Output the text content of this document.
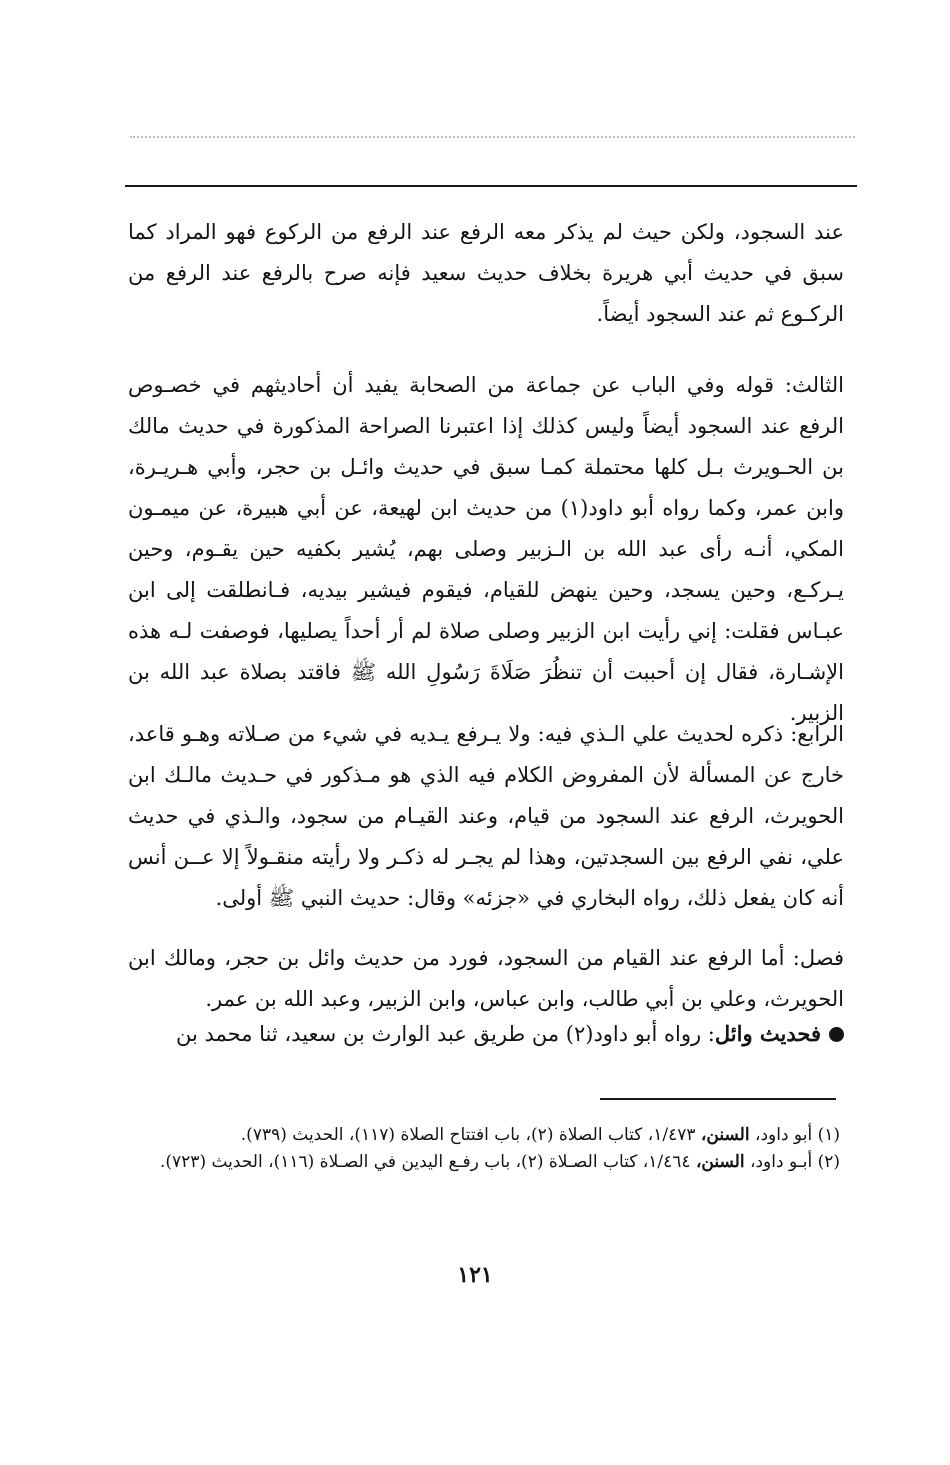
عند السجود، ولكن حيث لم يذكر معه الرفع عند الرفع من الركوع فهو المراد كما سبق في حديث أبي هريرة بخلاف حديث سعيد فإنه صرح بالرفع عند الرفع من الركـوع ثم عند السجود أيضاً.

الثالث: قوله وفي الباب عن جماعة من الصحابة يفيد أن أحاديثهم في خصـوص الرفع عند السجود أيضاً وليس كذلك إذا اعتبرنا الصراحة المذكورة في حديث مالك بن الحـويرث بـل كلها محتملة كمـا سبق في حديث وائـل بن حجر، وأبي هـريـرة، وابن عمر، وكما رواه أبو داود(١) من حديث ابن لهيعة، عن أبي هبيرة، عن ميمـون المكي، أنـه رأى عبد الله بن الـزبير وصلى بهم، يُشير بكفيه حين يقـوم، وحين يـركـع، وحين يسجد، وحين ينهض للقيام، فيقوم فيشير بيديه، فـانطلقت إلى ابن عبـاس فقلت: إني رأيت ابن الزبير وصلى صلاة لم أر أحداً يصليها، فوصفت لـه هذه الإشـارة، فقال إن أحببت أن تنظُرَ صَلَاةَ رَسُولِ الله ﷺ فاقتد بصلاة عبد الله بن الزبير.

الرابع: ذكره لحديث علي الـذي فيه: ولا يـرفع يـديه في شيء من صـلاته وهـو قاعد، خارج عن المسألة لأن المفروض الكلام فيه الذي هو مـذكور في حـديث مالـك ابن الحويرث، الرفع عند السجود من قيام، وعند القيـام من سجود، والـذي في حديث علي، نفي الرفع بين السجدتين، وهذا لم يجـر له ذكـر ولا رأيته منقـولاً إلا عــن أنس أنه كان يفعل ذلك، رواه البخاري في «جزئه» وقال: حديث النبي ﷺ أولى.

فصل: أما الرفع عند القيام من السجود، فورد من حديث وائل بن حجر، ومالك ابن الحويرث، وعلي بن أبي طالب، وابن عباس، وابن الزبير، وعبد الله بن عمر.

فحديث وائل: رواه أبو داود(٢) من طريق عبد الوارث بن سعيد، ثنا محمد بن

(١) أبو داود، السنن، ١/٤٧٣، كتاب الصلاة (٢)، باب افتتاح الصلاة (١١٧)، الحديث (٧٣٩).

(٢) أبـو داود، السنن، ١/٤٦٤، كتاب الصـلاة (٢)، باب رفـع اليدين في الصـلاة (١١٦)، الحديث (٧٢٣).

١٢١
